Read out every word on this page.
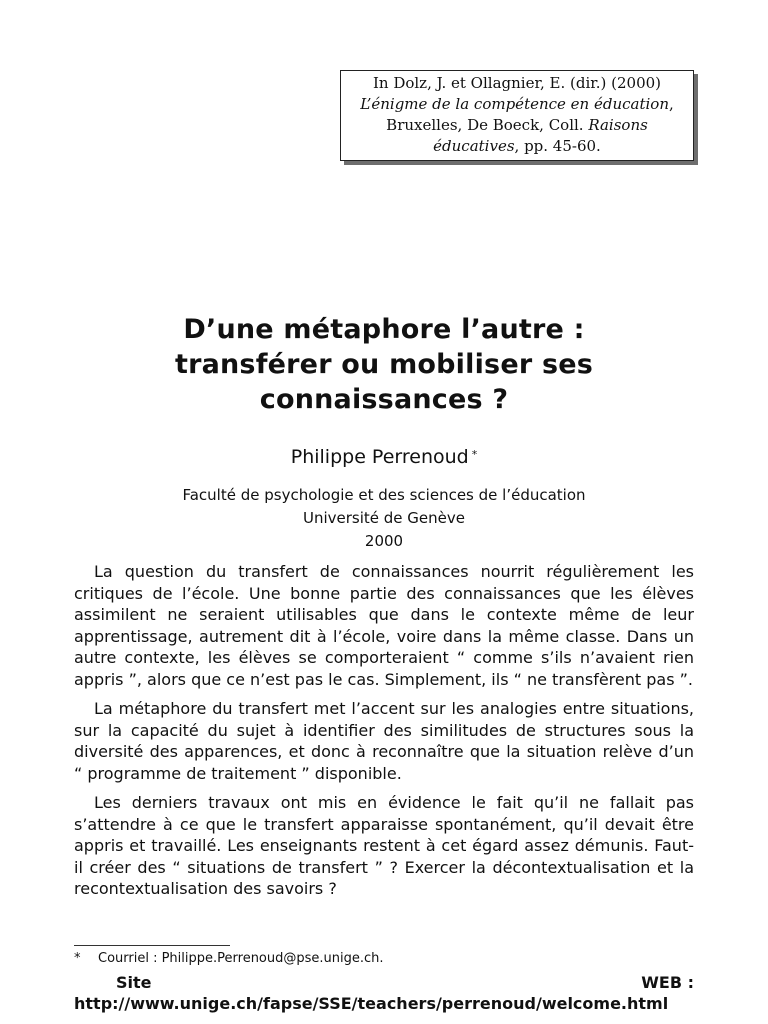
In Dolz, J. et Ollagnier, E. (dir.) (2000)
L’énigme de la compétence en éducation,
Bruxelles, De Boeck, Coll. Raisons
éducatives, pp. 45-60.
D’une métaphore l’autre :
transférer ou mobiliser ses
connaissances ?
Philippe Perrenoud *
Faculté de psychologie et des sciences de l’éducation
Université de Genève
2000

La question du transfert de connaissances nourrit régulièrement les critiques de l’école. Une bonne partie des connaissances que les élèves assimilent ne seraient utilisables que dans le contexte même de leur apprentissage, autrement dit à l’école, voire dans la même classe. Dans un autre contexte, les élèves se comporteraient “ comme s’ils n’avaient rien appris ”, alors que ce n’est pas le cas. Simplement, ils “ ne transfèrent pas ”.

La métaphore du transfert met l’accent sur les analogies entre situations, sur la capacité du sujet à identifier des similitudes de structures sous la diversité des apparences, et donc à reconnaître que la situation relève d’un “ programme de traitement ” disponible.

Les derniers travaux ont mis en évidence le fait qu’il ne fallait pas s’attendre à ce que le transfert apparaisse spontanément, qu’il devait être appris et travaillé. Les enseignants restent à cet égard assez démunis. Faut-il créer des “ situations de transfert ” ? Exercer la décontextualisation et la recontextualisation des savoirs ?

* Courriel : Philippe.Perrenoud@pse.unige.ch.
Site	WEB :
http://www.unige.ch/fapse/SSE/teachers/perrenoud/welcome.html
